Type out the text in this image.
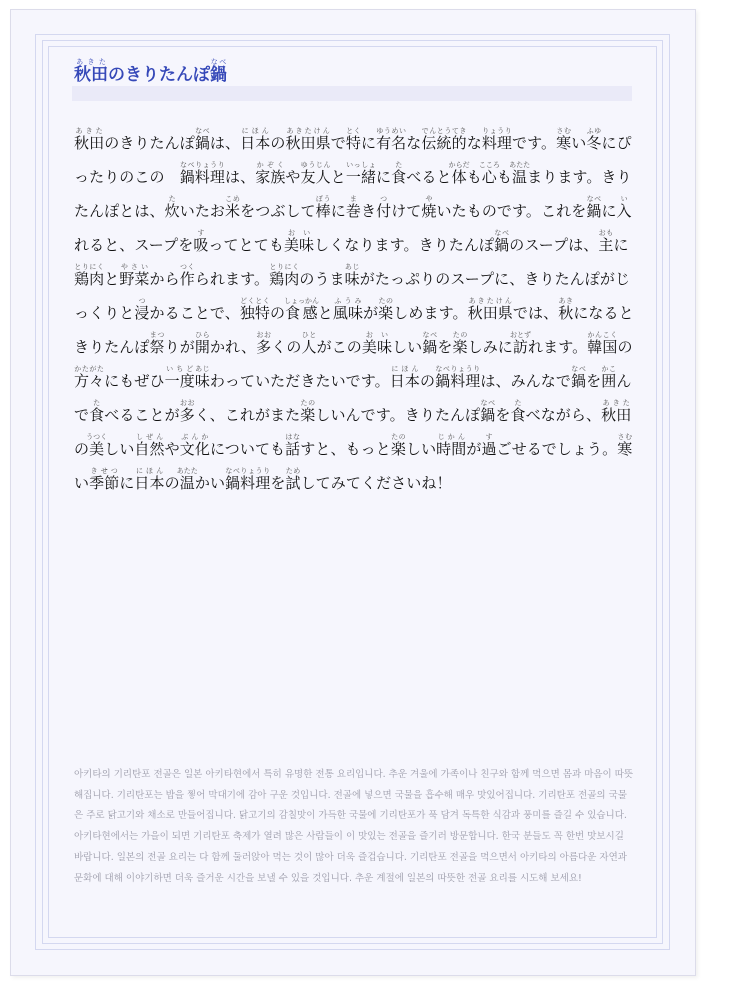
秋田あきたのきりたんぽ鍋なべ

秋田あきたのきりたんぽ鍋なべは、日本にほんの秋田県あきたけんで特とくに有名ゆうめいな伝統的でんとうてきな料理りょうりです。寒さむい冬ふゆにぴったりのこの　鍋料理なべりょうりは、家族かぞくや友人ゆうじんと一緒いっしょに食たべると体からだも心こころも温あたたまります。きりたんぽとは、炊たいたお米こめをつぶして棒ぼうに巻まき付つけて焼やいたものです。これを鍋なべに入いれると、スープを吸すってとても美味おいしくなります。きりたんぽ鍋なべのスープは、主おもに鶏肉とりにくと野菜やさいから作つくられます。鶏肉とりにくのうま味あじがたっぷりのスープに、きりたんぽがじっくりと浸つかることで、独特どくとくの食感しょっかんと風味ふうみが楽たのしめます。秋田県あきたけんでは、秋あきになるときりたんぽ祭まつりが開ひらかれ、多おおくの人ひとがこの美味おいしい鍋なべを楽たのしみに訪おとずれます。韓国かんこくの方々かたがたにもぜひ一度いちど味あじわっていただきたいです。日本にほんの鍋料理なべりょうりは、みんなで鍋なべを囲かこんで食たべることが多おおく、これがまた楽たのしいんです。きりたんぽ鍋なべを食たべながら、秋田あきたの美うつくしい自然しぜんや文化ぶんかについても話はなすと、もっと楽たのしい時間じかんが過すごせるでしょう。寒さむい季節きせつに日本にほんの温あたたかい鍋料理なべりょうりを試ためしてみてくださいね！

아키타의 기리탄포 전골은 일본 아키타현에서 특히 유명한 전통 요리입니다. 추운 겨울에 가족이나 친구와 함께 먹으면 몸과 마음이 따뜻해집니다. 기리탄포는 밥을 찧어 막대기에 감아 구운 것입니다. 전골에 넣으면 국물을 흡수해 매우 맛있어집니다. 기리탄포 전골의 국물은 주로 닭고기와 채소로 만들어집니다. 닭고기의 감칠맛이 가득한 국물에 기리탄포가 푹 담겨 독특한 식감과 풍미를 즐길 수 있습니다. 아키타현에서는 가을이 되면 기리탄포 축제가 열려 많은 사람들이 이 맛있는 전골을 즐기러 방문합니다. 한국 분들도 꼭 한번 맛보시길 바랍니다. 일본의 전골 요리는 다 함께 둘러앉아 먹는 것이 많아 더욱 즐겁습니다. 기리탄포 전골을 먹으면서 아키타의 아름다운 자연과 문화에 대해 이야기하면 더욱 즐거운 시간을 보낼 수 있을 것입니다. 추운 계절에 일본의 따뜻한 전골 요리를 시도해 보세요!
